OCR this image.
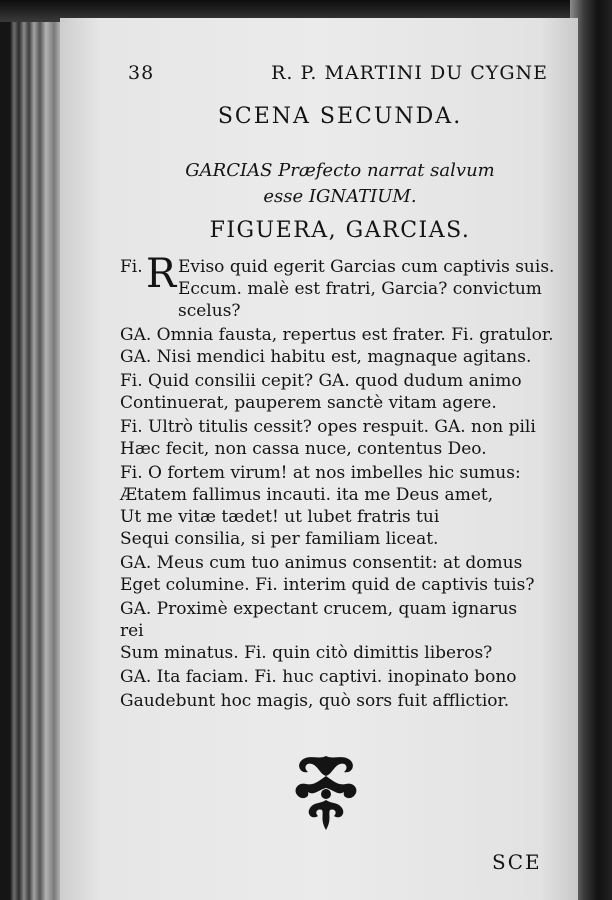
38	R. P. MARTINI DU CYGNE
SCENA SECUNDA.
GARCIAS Præfecto narrat salvum
esse IGNATIUM.
FIGUERA, GARCIAS.
Fi. R Eviso quid egerit Garcias cum captivis suis.
Eccum. malè est fratri, Garcia? convictum
scelus?
GA. Omnia fausta, repertus est frater. Fi. gratulor.
GA. Nisi mendici habitu est, magnaque agitans.
Fi. Quid consilii cepit? GA. quod dudum animo
Continuerat, pauperem sanctè vitam agere.
Fi. Ultrò titulis cessit? opes respuit. GA. non pili
Hæc fecit, non cassa nuce, contentus Deo.
Fi. O fortem virum! at nos imbelles hic sumus:
Ætatem fallimus incauti. ita me Deus amet,
Ut me vitæ tædet! ut lubet fratris tui
Sequi consilia, si per familiam liceat.
GA. Meus cum tuo animus consentit: at domus
Eget columine. Fi. interim quid de captivis tuis?
GA. Proximè expectant crucem, quam ignarus
rei
Sum minatus. Fi. quin citò dimittis liberos?
GA. Ita faciam. Fi. huc captivi. inopinato bono
Gaudebunt hoc magis, quò sors fuit afflictior.
SCE
